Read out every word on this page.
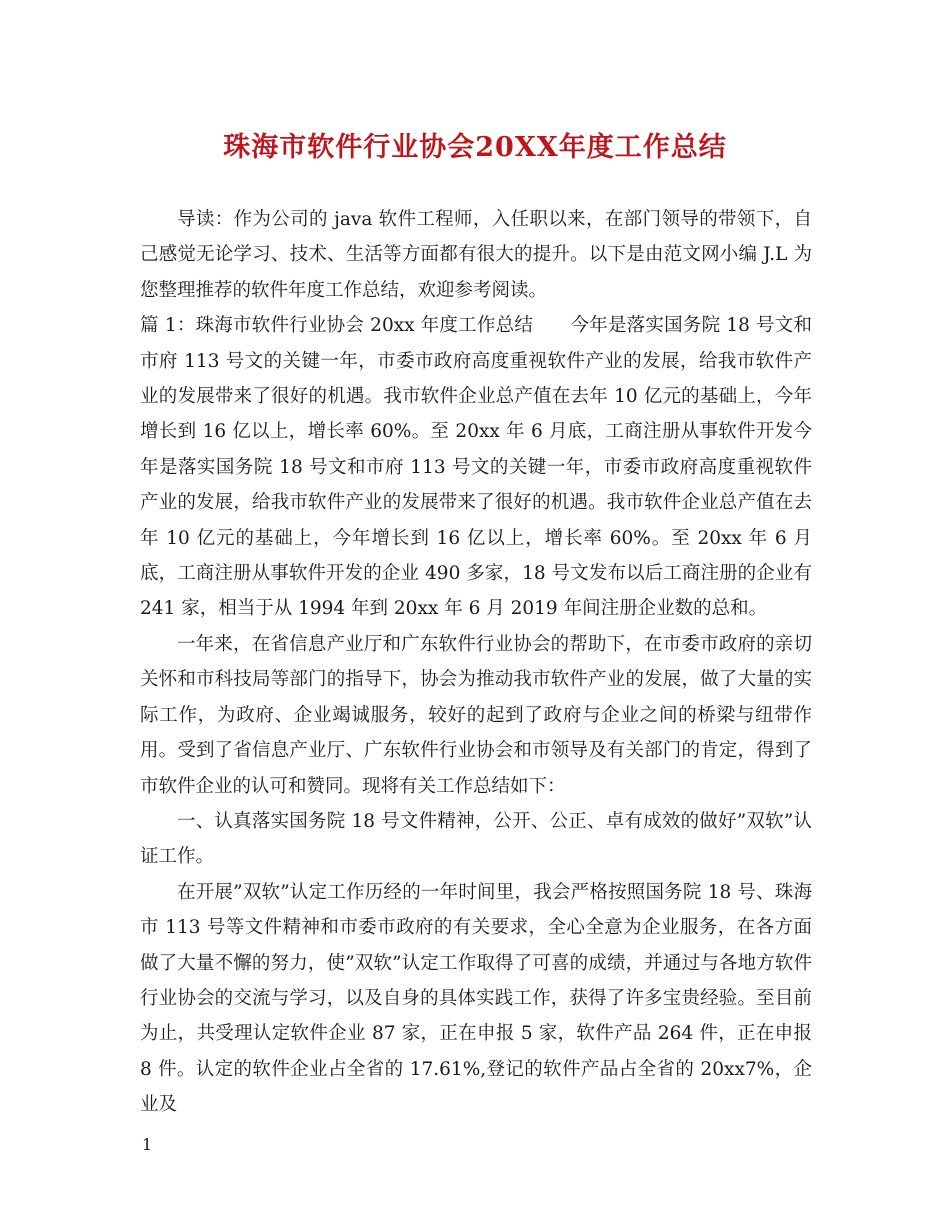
珠海市软件行业协会20XX年度工作总结

导读：作为公司的 java 软件工程师，入任职以来，在部门领导的带领下，自己感觉无论学习、技术、生活等方面都有很大的提升。以下是由范文网小编 J.L 为您整理推荐的软件年度工作总结，欢迎参考阅读。

篇 1：珠海市软件行业协会 20xx 年度工作总结　　今年是落实国务院 18 号文和市府 113 号文的关键一年，市委市政府高度重视软件产业的发展，给我市软件产业的发展带来了很好的机遇。我市软件企业总产值在去年 10 亿元的基础上，今年增长到 16 亿以上，增长率 60%。至 20xx 年 6 月底，工商注册从事软件开发今年是落实国务院 18 号文和市府 113 号文的关键一年，市委市政府高度重视软件产业的发展，给我市软件产业的发展带来了很好的机遇。我市软件企业总产值在去年 10 亿元的基础上，今年增长到 16 亿以上，增长率 60%。至 20xx 年 6 月底，工商注册从事软件开发的企业 490 多家，18 号文发布以后工商注册的企业有 241 家，相当于从 1994 年到 20xx 年 6 月 2019 年间注册企业数的总和。

一年来，在省信息产业厅和广东软件行业协会的帮助下，在市委市政府的亲切关怀和市科技局等部门的指导下，协会为推动我市软件产业的发展，做了大量的实际工作，为政府、企业竭诚服务，较好的起到了政府与企业之间的桥梁与纽带作用。受到了省信息产业厅、广东软件行业协会和市领导及有关部门的肯定，得到了市软件企业的认可和赞同。现将有关工作总结如下：

一、认真落实国务院 18 号文件精神，公开、公正、卓有成效的做好”双软”认证工作。

在开展”双软”认定工作历经的一年时间里，我会严格按照国务院 18 号、珠海市 113 号等文件精神和市委市政府的有关要求，全心全意为企业服务，在各方面做了大量不懈的努力，使”双软”认定工作取得了可喜的成绩，并通过与各地方软件行业协会的交流与学习，以及自身的具体实践工作，获得了许多宝贵经验。至目前为止，共受理认定软件企业 87 家，正在申报 5 家，软件产品 264 件，正在申报 8 件。认定的软件企业占全省的 17.61%,登记的软件产品占全省的 20xx7%，企业及

1
